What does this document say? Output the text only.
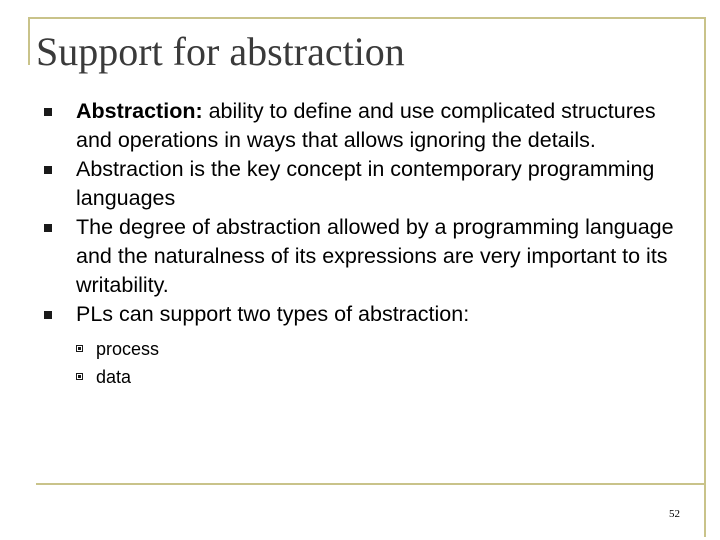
Support for abstraction
Abstraction: ability to define and use complicated structures and operations in ways that allows ignoring the details.
Abstraction is the key concept in contemporary programming languages
The degree of abstraction allowed by a programming language and the naturalness of its expressions are very important to its writability.
PLs can support two types of abstraction:
process
data
52
